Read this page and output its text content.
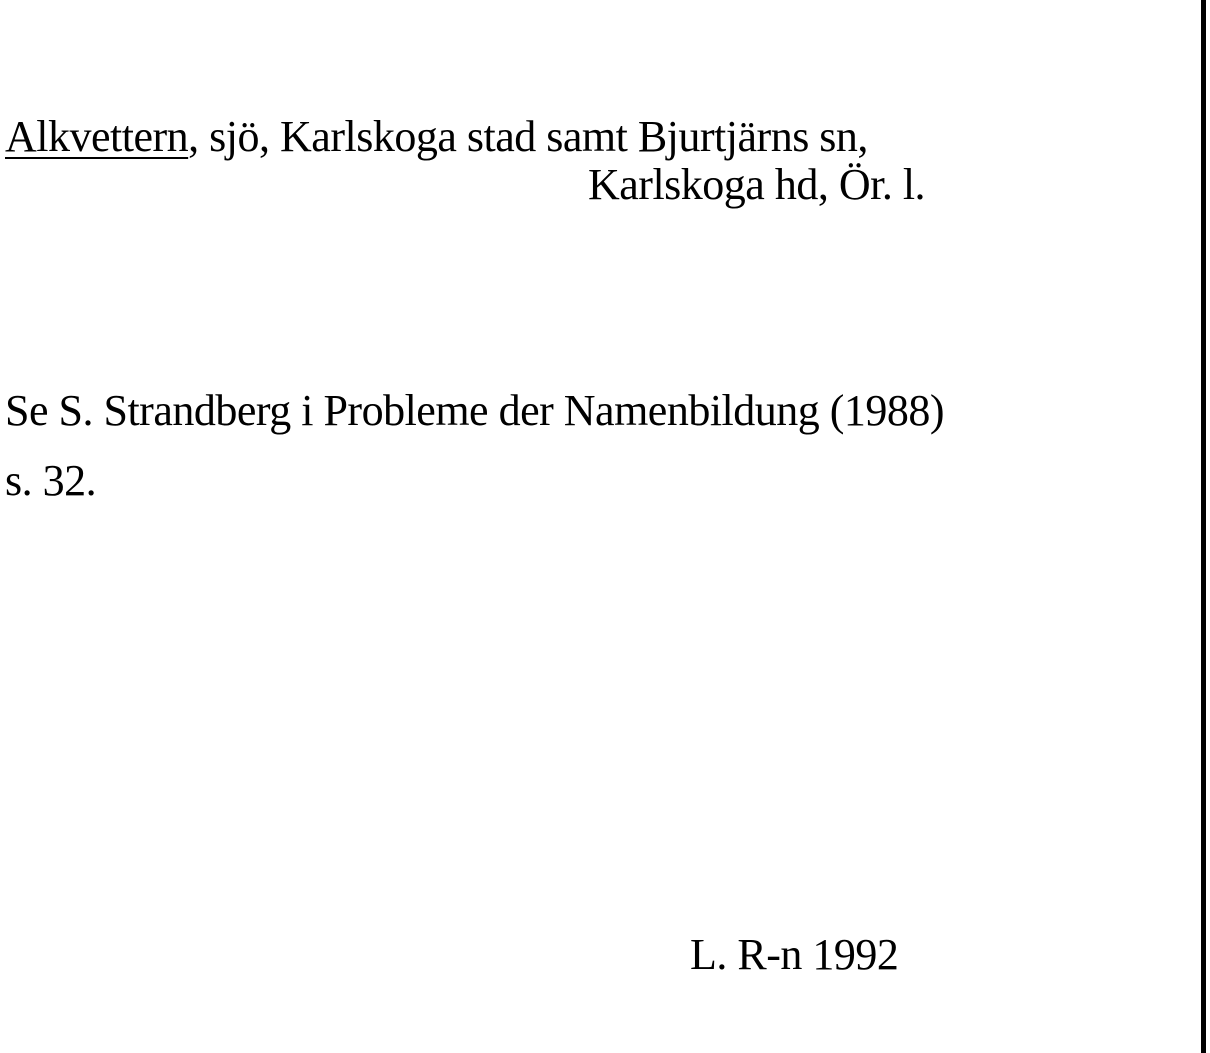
Alkvettern, sjö, Karlskoga stad samt Bjurtjärns sn,
Karlskoga hd, Ör. l.
Se S. Strandberg i Probleme der Namenbildung (1988)
s. 32.
L. R-n 1992
